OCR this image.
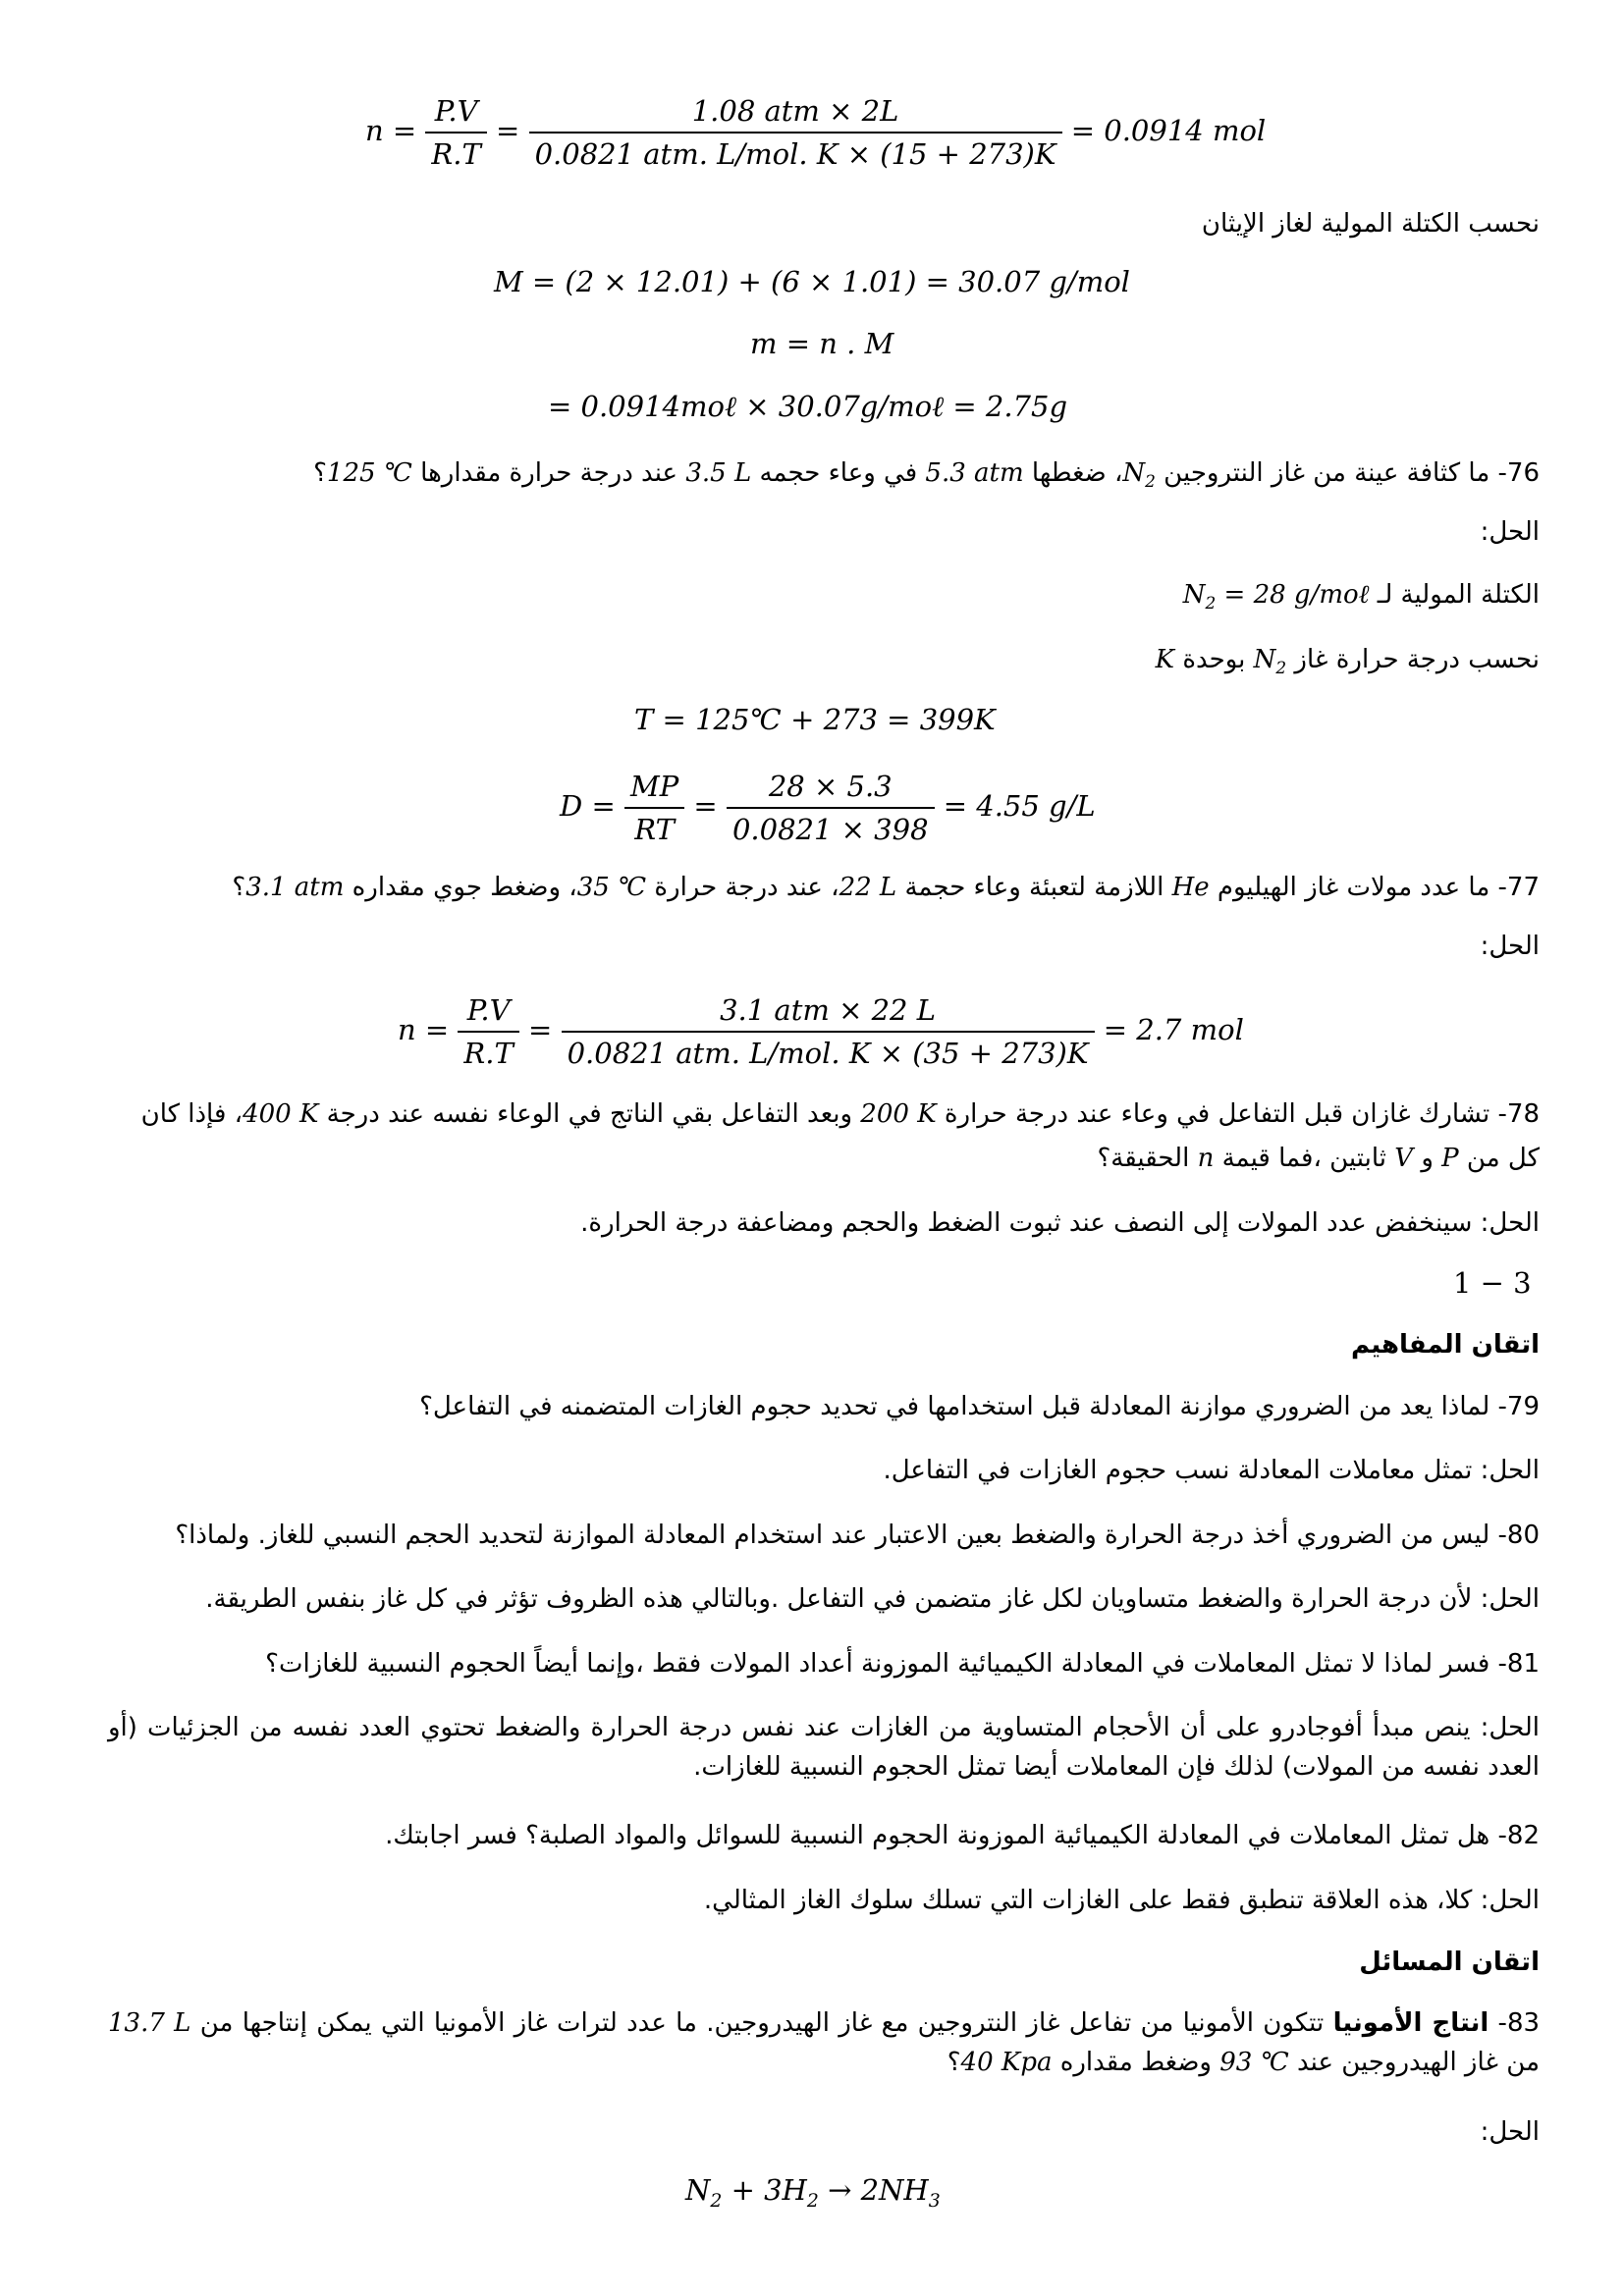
$n = \frac{P.V}{R.T} = \frac{\text{1.08 atm × 2L}}{\text{0.0821 atm. L/mol. K × (15 + 273)K}} = 0.0914$ mol
نحسب الكتلة المولية لغاز الإيثان
M = (2 × 12.01) + (6 × 1.01) = 30.07 g/mol
m = n . M
= 0.0914moℓ × 30.07g/moℓ = 2.75g
76- ما كثافة عينة من غاز النتروجين $N_2،$ ضغطها 5.3 atm في وعاء حجمه 3.5 L عند درجة حرارة مقدارها 125 ℃؟
الحل:
الكتلة المولية لـ $N_2 = 28$ g/moℓ
نحسب درجة حرارة غاز $N_2$ بوحدة K
T = 125℃ + 273 = 399K
$D = \frac{MP}{RT} = \frac{28 \times 5.3}{0.0821 \times 398} = 4.55$ g/L
77- ما عدد مولات غاز الهيليوم He اللازمة لتعبئة وعاء حجمة 22 L، عند درجة حرارة 35 ℃، وضغط جوي مقداره 3.1 atm؟
الحل:
$n = \frac{P.V}{R.T} = \frac{\text{3.1 atm × 22 L}}{\text{0.0821 atm. L/mol. K × (35 + 273)K}} = 2.7$ mol
78- تشارك غازان قبل التفاعل في وعاء عند درجة حرارة 200 K وبعد التفاعل بقي الناتج في الوعاء نفسه عند درجة 400 K، فإذا كان
كل من P و V ثابتين ،فما قيمة n الحقيقة؟
الحل: سينخفض عدد المولات إلى النصف عند ثبوت الضغط والحجم ومضاعفة درجة الحرارة.
1 − 3
اتقان المفاهيم
79- لماذا يعد من الضروري موازنة المعادلة قبل استخدامها في تحديد حجوم الغازات المتضمنه في التفاعل؟
الحل: تمثل معاملات المعادلة نسب حجوم الغازات في التفاعل.
80- ليس من الضروري أخذ درجة الحرارة والضغط بعين الاعتبار عند استخدام المعادلة الموازنة لتحديد الحجم النسبي للغاز. ولماذا؟
الحل: لأن درجة الحرارة والضغط متساويان لكل غاز متضمن في التفاعل .وبالتالي هذه الظروف تؤثر في كل غاز بنفس الطريقة.
81- فسر لماذا لا تمثل المعاملات في المعادلة الكيميائية الموزونة أعداد المولات فقط ،وإنما أيضاً الحجوم النسبية للغازات؟
الحل: ينص مبدأ أفوجادرو على أن الأحجام المتساوية من الغازات عند نفس درجة الحرارة والضغط تحتوي العدد نفسه من الجزئيات (أو العدد نفسه من المولات) لذلك فإن المعاملات أيضا تمثل الحجوم النسبية للغازات.
82- هل تمثل المعاملات في المعادلة الكيميائية الموزونة الحجوم النسبية للسوائل والمواد الصلبة؟ فسر اجابتك.
الحل: كلا، هذه العلاقة تنطبق فقط على الغازات التي تسلك سلوك الغاز المثالي.
اتقان المسائل
83- انتاج الأمونيا تتكون الأمونيا من تفاعل غاز النتروجين مع غاز الهيدروجين. ما عدد لترات غاز الأمونيا التي يمكن إنتاجها من 13.7 L من غاز الهيدروجين عند 93 ℃ وضغط مقداره 40 Kpa؟
الحل:
$N_2 + 3H_2 \to 2NH_3$
